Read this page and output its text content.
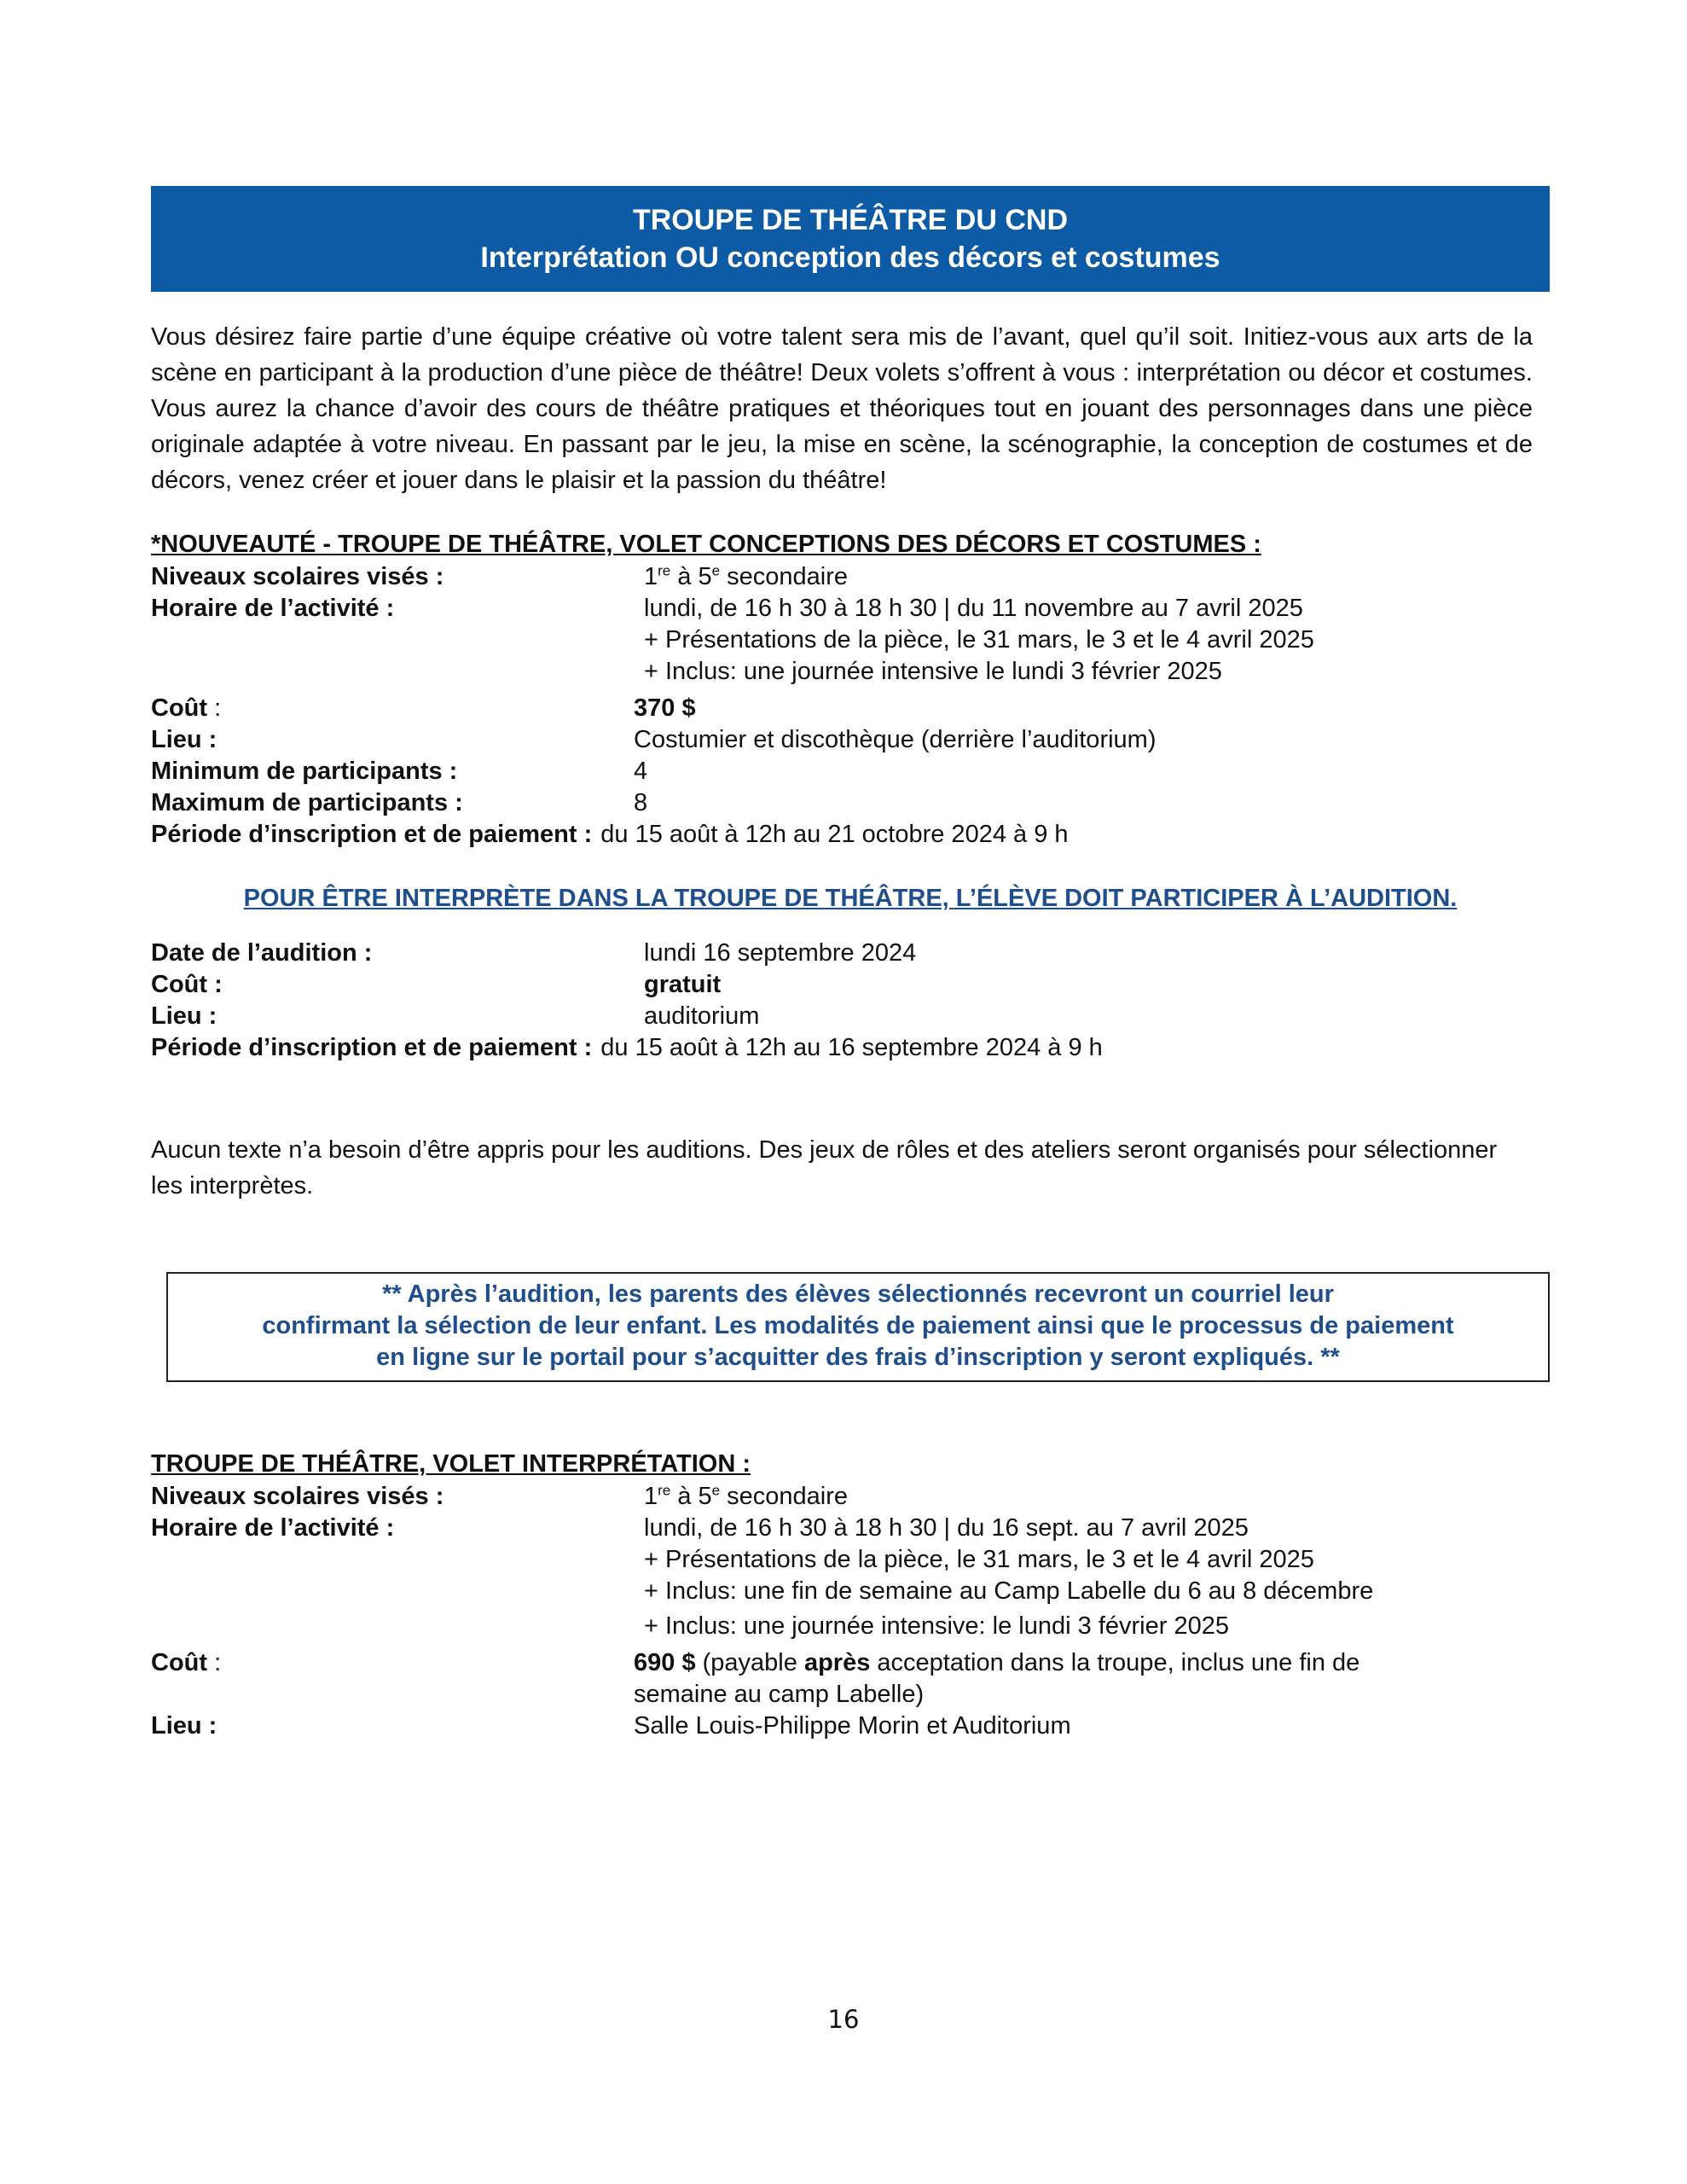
TROUPE DE THÉÂTRE DU CND
Interprétation OU conception des décors et costumes
Vous désirez faire partie d’une équipe créative où votre talent sera mis de l’avant, quel qu’il soit. Initiez-vous aux arts de la scène en participant à la production d’une pièce de théâtre! Deux volets s’offrent à vous : interprétation ou décor et costumes. Vous aurez la chance d’avoir des cours de théâtre pratiques et théoriques tout en jouant des personnages dans une pièce originale adaptée à votre niveau. En passant par le jeu, la mise en scène, la scénographie, la conception de costumes et de décors, venez créer et jouer dans le plaisir et la passion du théâtre!
*NOUVEAUTÉ - TROUPE DE THÉÂTRE, VOLET CONCEPTIONS DES DÉCORS ET COSTUMES :
Niveaux scolaires visés :	1re à 5e secondaire
Horaire de l’activité :	lundi, de 16 h 30 à 18 h 30 | du 11 novembre au 7 avril 2025
+ Présentations de la pièce, le 31 mars, le 3 et le 4 avril 2025
+ Inclus: une journée intensive le lundi 3 février 2025
Coût :	370 $
Lieu :	Costumier et discothèque (derrière l’auditorium)
Minimum de participants :	4
Maximum de participants :	8
Période d’inscription et de paiement : du 15 août à 12h au 21 octobre 2024 à 9 h
POUR ÊTRE INTERPRÈTE DANS LA TROUPE DE THÉÂTRE, L’ÉLÈVE DOIT PARTICIPER À L’AUDITION.
Date de l’audition :	lundi 16 septembre 2024
Coût :	gratuit
Lieu :	auditorium
Période d’inscription et de paiement : du 15 août à 12h au 16 septembre 2024 à 9 h
Aucun texte n’a besoin d’être appris pour les auditions. Des jeux de rôles et des ateliers seront organisés pour sélectionner les interprètes.
** Après l’audition, les parents des élèves sélectionnés recevront un courriel leur
confirmant la sélection de leur enfant. Les modalités de paiement ainsi que le processus de paiement
en ligne sur le portail pour s’acquitter des frais d’inscription y seront expliqués. **
TROUPE DE THÉÂTRE, VOLET INTERPRÉTATION :
Niveaux scolaires visés :	1re à 5e secondaire
Horaire de l’activité :	lundi, de 16 h 30 à 18 h 30 | du 16 sept. au 7 avril 2025
+ Présentations de la pièce, le 31 mars, le 3 et le 4 avril 2025
+ Inclus: une fin de semaine au Camp Labelle du 6 au 8 décembre
+ Inclus: une journée intensive: le lundi 3 février 2025
Coût :	690 $ (payable après acceptation dans la troupe, inclus une fin de
semaine au camp Labelle)
Lieu :	Salle Louis-Philippe Morin et Auditorium
16
